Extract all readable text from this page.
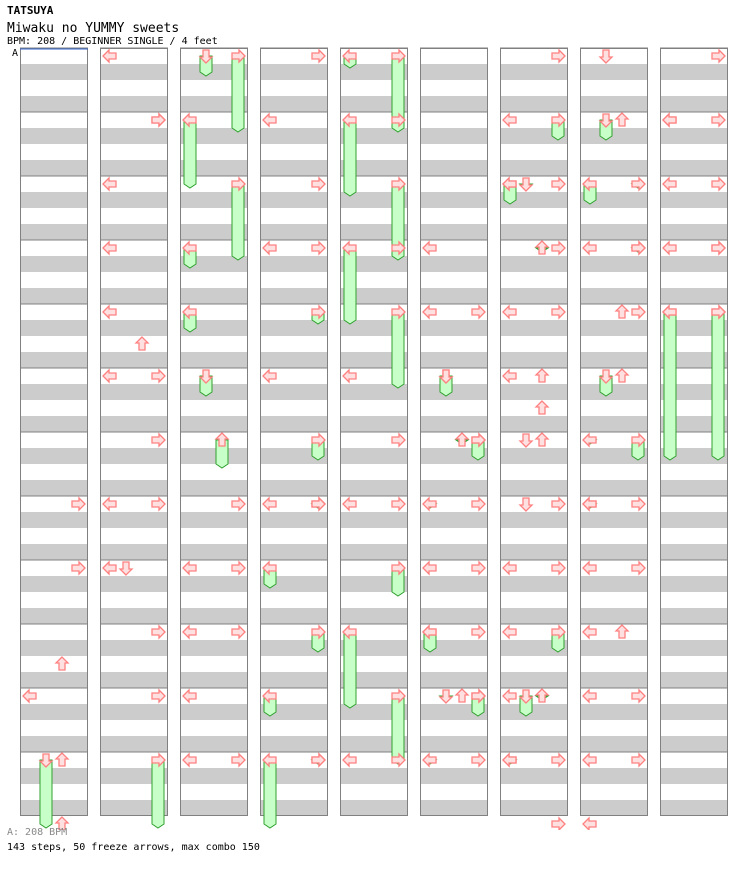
TATSUYA
Miwaku no YUMMY sweets
BPM: 208 / BEGINNER SINGLE / 4 feet
A
A: 208 BPM
143 steps, 50 freeze arrows, max combo 150
